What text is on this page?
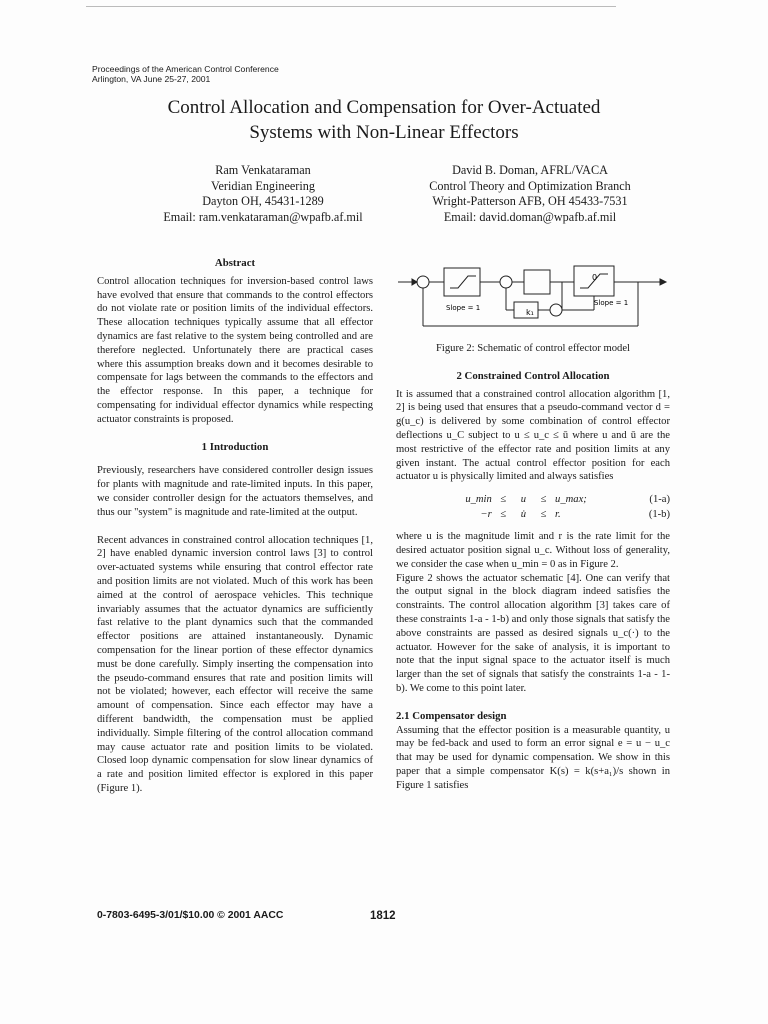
Proceedings of the American Control Conference
Arlington, VA June 25-27, 2001
Control Allocation and Compensation for Over-Actuated
Systems with Non-Linear Effectors
Ram Venkataraman
Veridian Engineering
Dayton OH, 45431-1289
Email: ram.venkataraman@wpafb.af.mil
David B. Doman, AFRL/VACA
Control Theory and Optimization Branch
Wright-Patterson AFB, OH 45433-7531
Email: david.doman@wpafb.af.mil
Abstract

Control allocation techniques for inversion-based control laws have evolved that ensure that commands to the control effectors do not violate rate or position limits of the individual effectors. These allocation techniques typically assume that all effector dynamics are fast relative to the system being controlled and are therefore neglected. Unfortunately there are practical cases where this assumption breaks down and it becomes desirable to compensate for lags between the commands to the effectors and the effector response. In this paper, a technique for compensating for individual effector dynamics while respecting actuator constraints is proposed.

1 Introduction

Previously, researchers have considered controller design issues for plants with magnitude and rate-limited inputs. In this paper, we consider controller design for the actuators themselves, and thus our "system" is magnitude and rate-limited at the output.

Recent advances in constrained control allocation techniques [1, 2] have enabled dynamic inversion control laws [3] to control over-actuated systems while ensuring that control effector rate and position limits are not violated. Much of this work has been aimed at the control of aerospace vehicles. This technique invariably assumes that the actuator dynamics are sufficiently fast relative to the plant dynamics such that the commanded effector positions are attained instantaneously. Dynamic compensation for the linear portion of these effector dynamics must be done carefully. Simply inserting the compensation into the pseudo-command ensures that rate and position limits will not be violated; however, each effector will receive the same amount of compensation. Since each effector may have a different bandwidth, the compensation must be applied individually. Simple filtering of the control allocation command may cause actuator rate and position limits to be violated. Closed loop dynamic compensation for slow linear dynamics of a rate and position limited effector is explored in this paper (Figure 1).

k₁
0
Slope = 1
Slope = 1
Figure 2: Schematic of control effector model
2 Constrained Control Allocation

It is assumed that a constrained control allocation algorithm [1, 2] is being used that ensures that a pseudo-command vector d = g(u_c) is delivered by some combination of control effector deflections u_C subject to u ≤ u_c ≤ ū where u and ū are the most restrictive of the effector rate and position limits at any given instant. The actual control effector position for each actuator u is physically limited and always satisfies

u_min ≤	u	≤ u_max;	(1-a)
−r ≤	u̇	≤ r.	(1-b)

where u is the magnitude limit and r is the rate limit for the desired actuator position signal u_c. Without loss of generality, we consider the case when u_min = 0 as in Figure 2.

Figure 2 shows the actuator schematic [4]. One can verify that the output signal in the block diagram indeed satisfies the constraints. The control allocation algorithm [3] takes care of these constraints 1-a - 1-b) and only those signals that satisfy the above constraints are passed as desired signals u_c(·) to the actuator. However for the sake of analysis, it is important to note that the input signal space to the actuator itself is much larger than the set of signals that satisfy the constraints 1-a - 1-b). We come to this point later.

2.1 Compensator design

Assuming that the effector position is a measurable quantity, u may be fed-back and used to form an error signal e = u − u_c that may be used for dynamic compensation. We show in this paper that a simple compensator K(s) = k(s+a₁)/s shown in Figure 1 satisfies

0-7803-6495-3/01/$10.00 © 2001 AACC	1812
